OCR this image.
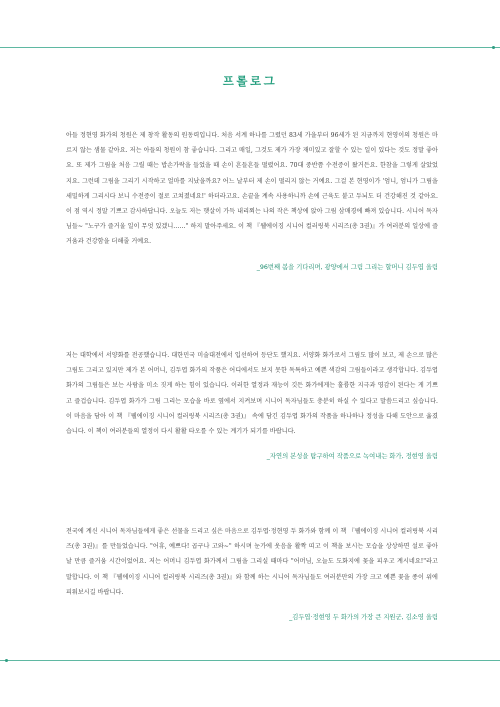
프롤로그

아들 정현영 화가의 청원은 제 창작 활동의 원동력입니다. 처음 서계 하나를 그렸던 83세 가을부터 96세가 된 지금까지 현영이의 청원은 마르지 않는 샘물 같아요. 저는 아들의 청원이 참 좋습니다. 그리고 매일, 그것도 제가 가장 재미있고 잘할 수 있는 일이 있다는 것도 정말 좋아요. 또 제가 그림을 처음 그릴 때는 밥손가락을 들었을 때 손이 흔들흔들 떨렸어요. 70대 중반쯤 수전증이 왔거든요. 한참을 그렇게 살았었지요. 그런데 그림을 그리기 시작하고 얼마를 지났을까요? 어느 날부터 제 손이 떨리지 않는 거예요. 그걸 본 현영이가 '엄니, 엄니가 그림을 세밀하게 그리시다 보니 수전증이 절로 고쳐졌네요!' 하더라고요. 손끝을 계속 사용하니까 손에 근육도 붙고 두뇌도 더 건강해진 것 같아요. 이 점 역시 정말 기쁘고 감사하답니다. 오늘도 저는 햇살이 가득 내리쬐는 나의 작은 책상에 앉아 그림 삼매경에 빠져 있습니다. 시니어 독자님들~ "노구가 즐거울 일이 무엇 있겠니……" 하지 말아주세요. 이 책 『웰에이징 시니어 컬러링북 시리즈(총 3권)』가 여러분의 일상에 즐거움과 건강함을 더해줄 거예요.

_96번째 봄을 기다리며, 광양에서 그림 그리는 할머니 김두엽 올림

저는 대학에서 서양화를 전공했습니다. 대한민국 미술대전에서 입선하여 등단도 했지요. 서양화 화가로서 그림도 많이 보고, 제 손으로 많은 그림도 그리고 있지만 제가 본 어머니, 김두엽 화가의 작품은 어디에서도 보지 못한 독특하고 예쁜 색감의 그림들이라고 생각합니다. 김두엽 화가의 그림들은 보는 사람을 미소 짓게 하는 힘이 있습니다. 이러한 열정과 재능이 깃든 화가에게는 훌륭한 지극과 영감이 된다는 게 기쁘고 즐겁습니다. 김두엽 화가가 그림 그리는 모습을 바로 옆에서 지켜보며 시니어 독자님들도 충분히 하실 수 있다고 말씀드리고 싶습니다. 이 마음을 담아 이 책 『웰에이징 시니어 컬러링북 시리즈(총 3권)』 속에 담긴 김두엽 화가의 작품을 하나하나 정성을 다해 도안으로 옮겼습니다. 이 책이 여러분들의 열정이 다시 활활 타오를 수 있는 계기가 되기를 바랍니다.

_자연의 본성을 탐구하여 작품으로 녹여내는 화가, 정현영 올림

전국에 계신 시니어 독자님들에게 좋은 선물을 드리고 싶은 마음으로 김두엽·정현영 두 화가와 함께 이 책 『웰에이징 시니어 컬러링북 시리즈(총 3권)』를 만들었습니다. "어휴, 예쁘다! 곱구나 고와~" 하시며 눈가에 웃음을 활짝 띠고 이 책을 보시는 모습을 상상하면 설로 좋아 날 만큼 즐거움 시간이었어요. 저는 어머니 김두엽 화가께서 그림을 그리실 때마다 "어머님, 오늘도 도화지에 꽃을 피우고 계시네요!"라고 말합니다. 이 책 『웰에이징 시니어 컬러링북 시리즈(총 3권)』와 함께 하는 시니어 독자님들도 여러분만의 가장 크고 예쁜 꽃을 종이 위에 피워보시길 바랍니다.

_김두엽·정현영 두 화가의 가장 큰 지원군, 김소영 올림
